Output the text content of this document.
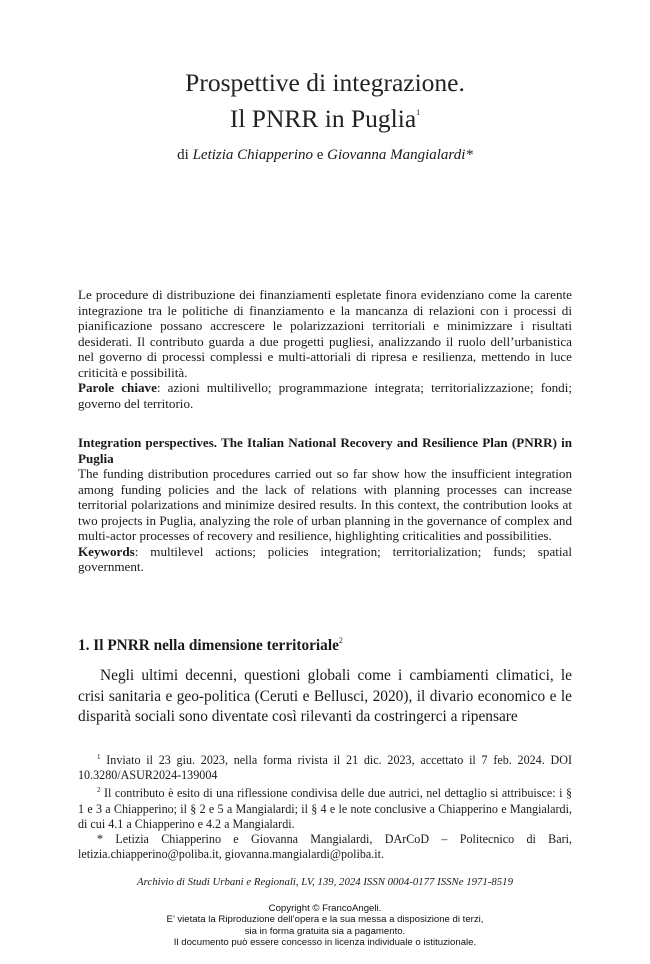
Prospettive di integrazione.
Il PNRR in Puglia$^1$
di Letizia Chiapperino e Giovanna Mangialardi*

Le procedure di distribuzione dei finanziamenti espletate finora evidenziano come la carente integrazione tra le politiche di finanziamento e la mancanza di relazioni con i processi di pianificazione possano accrescere le polarizzazioni territoriali e minimizzare i risultati desiderati. Il contributo guarda a due progetti pugliesi, analizzando il ruolo dell’urbanistica nel governo di processi complessi e multi-attoriali di ripresa e resilienza, mettendo in luce criticità e possibilità.

Parole chiave: azioni multilivello; programmazione integrata; territorializzazione; fondi; governo del territorio.

Integration perspectives. The Italian National Recovery and Resilience Plan (PNRR) in Puglia

The funding distribution procedures carried out so far show how the insufficient integration among funding policies and the lack of relations with planning processes can increase territorial polarizations and minimize desired results. In this context, the contribution looks at two projects in Puglia, analyzing the role of urban planning in the governance of complex and multi-actor processes of recovery and resilience, highlighting criticalities and possibilities.

Keywords: multilevel actions; policies integration; territorialization; funds; spatial government.

1. Il PNRR nella dimensione territoriale$^2$
Negli ultimi decenni, questioni globali come i cambiamenti climatici, le crisi sanitaria e geo-politica (Ceruti e Bellusci, 2020), il divario economico e le disparità sociali sono diventate così rilevanti da costringerci a ripensare

$^1$ Inviato il 23 giu. 2023, nella forma rivista il 21 dic. 2023, accettato il 7 feb. 2024. DOI 10.3280/ASUR2024-139004

$^2$ Il contributo è esito di una riflessione condivisa delle due autrici, nel dettaglio si attribuisce: i § 1 e 3 a Chiapperino; il § 2 e 5 a Mangialardi; il § 4 e le note conclusive a Chiapperino e Mangialardi, di cui 4.1 a Chiapperino e 4.2 a Mangialardi.

* Letizia Chiapperino e Giovanna Mangialardi, DArCoD – Politecnico di Bari, letizia.chiapperino@poliba.it, giovanna.mangialardi@poliba.it.

Archivio di Studi Urbani e Regionali, LV, 139, 2024 ISSN 0004-0177 ISSNe 1971-8519
Copyright © FrancoAngeli.
E’ vietata la Riproduzione dell’opera e la sua messa a disposizione di terzi,
sia in forma gratuita sia a pagamento.
Il documento può essere concesso in licenza individuale o istituzionale.
